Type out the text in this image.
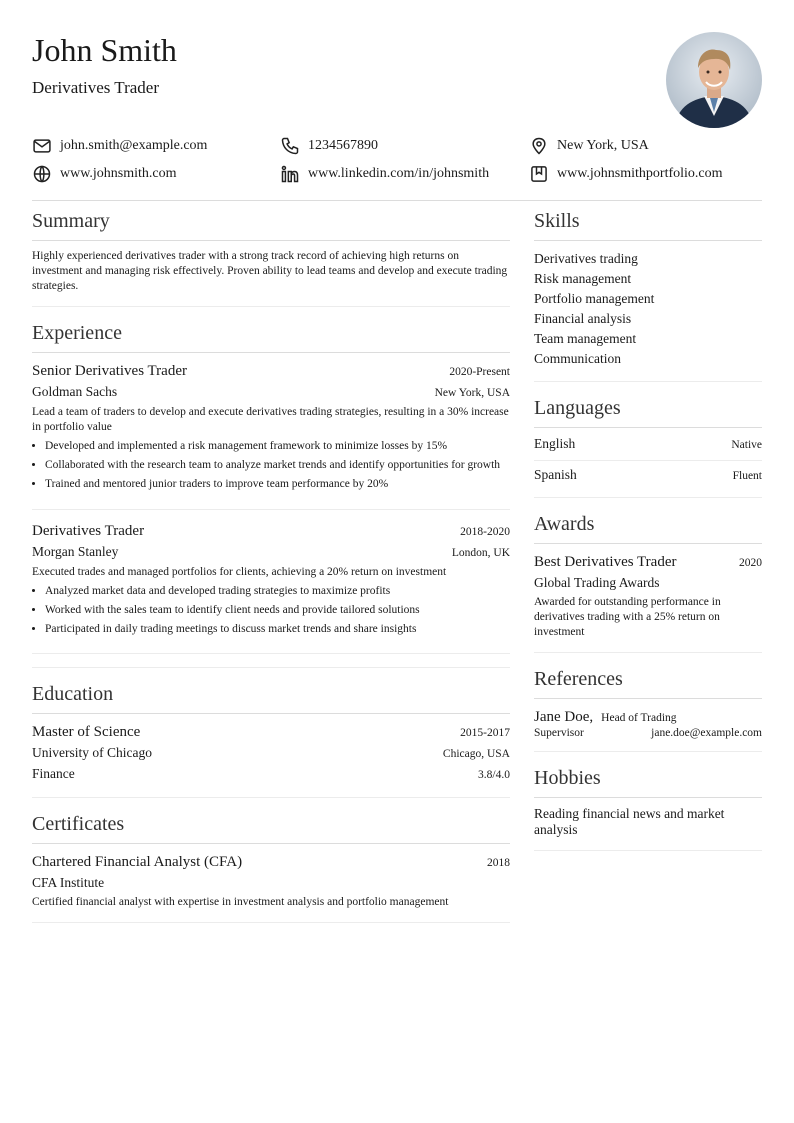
John Smith
Derivatives Trader
john.smith@example.com	1234567890	New York, USA
www.johnsmith.com	www.linkedin.com/in/johnsmith	www.johnsmithportfolio.com
Summary
Highly experienced derivatives trader with a strong track record of achieving high returns on investment and managing risk effectively. Proven ability to lead teams and develop and execute trading strategies.
Experience
Senior Derivatives Trader	2020-Present
Goldman Sachs	New York, USA
Lead a team of traders to develop and execute derivatives trading strategies, resulting in a 30% increase in portfolio value
• Developed and implemented a risk management framework to minimize losses by 15%
• Collaborated with the research team to analyze market trends and identify opportunities for growth
• Trained and mentored junior traders to improve team performance by 20%
Derivatives Trader	2018-2020
Morgan Stanley	London, UK
Executed trades and managed portfolios for clients, achieving a 20% return on investment
• Analyzed market data and developed trading strategies to maximize profits
• Worked with the sales team to identify client needs and provide tailored solutions
• Participated in daily trading meetings to discuss market trends and share insights
Education
Master of Science	2015-2017
University of Chicago	Chicago, USA
Finance	3.8/4.0
Certificates
Chartered Financial Analyst (CFA)	2018
CFA Institute
Certified financial analyst with expertise in investment analysis and portfolio management
Skills
Derivatives trading
Risk management
Portfolio management
Financial analysis
Team management
Communication
Languages
English	Native
Spanish	Fluent
Awards
Best Derivatives Trader	2020
Global Trading Awards
Awarded for outstanding performance in derivatives trading with a 25% return on investment
References
Jane Doe, Head of Trading
Supervisor	jane.doe@example.com
Hobbies
Reading financial news and market analysis
